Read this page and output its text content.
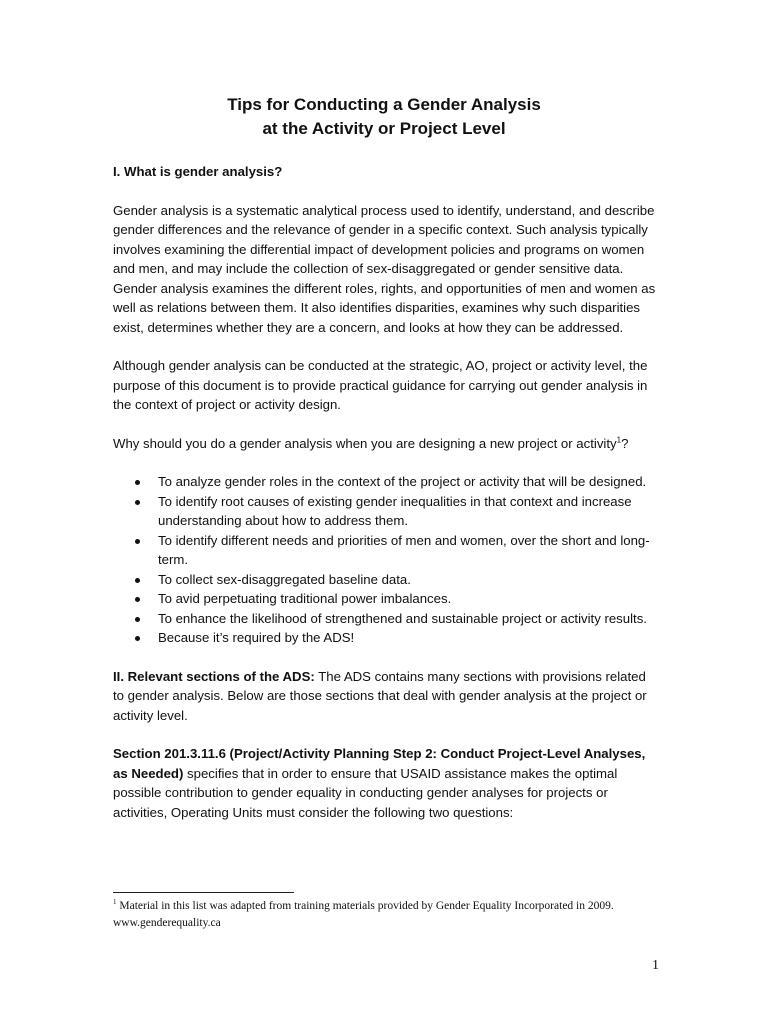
Tips for Conducting a Gender Analysis
at the Activity or Project Level

I. What is gender analysis?

Gender analysis is a systematic analytical process used to identify, understand, and describe gender differences and the relevance of gender in a specific context. Such analysis typically involves examining the differential impact of development policies and programs on women and men, and may include the collection of sex-disaggregated or gender sensitive data. Gender analysis examines the different roles, rights, and opportunities of men and women as well as relations between them. It also identifies disparities, examines why such disparities exist, determines whether they are a concern, and looks at how they can be addressed.

Although gender analysis can be conducted at the strategic, AO, project or activity level, the purpose of this document is to provide practical guidance for carrying out gender analysis in the context of project or activity design.

Why should you do a gender analysis when you are designing a new project or activity$^1$?

To analyze gender roles in the context of the project or activity that will be designed.
To identify root causes of existing gender inequalities in that context and increase understanding about how to address them.
To identify different needs and priorities of men and women, over the short and long-term.
To collect sex-disaggregated baseline data.
To avid perpetuating traditional power imbalances.
To enhance the likelihood of strengthened and sustainable project or activity results.
Because it’s required by the ADS!

II. Relevant sections of the ADS: The ADS contains many sections with provisions related to gender analysis. Below are those sections that deal with gender analysis at the project or activity level.

Section 201.3.11.6 (Project/Activity Planning Step 2: Conduct Project-Level Analyses, as Needed) specifies that in order to ensure that USAID assistance makes the optimal possible contribution to gender equality in conducting gender analyses for projects or activities, Operating Units must consider the following two questions:

$^1$ Material in this list was adapted from training materials provided by Gender Equality Incorporated in 2009. www.genderequality.ca
1
